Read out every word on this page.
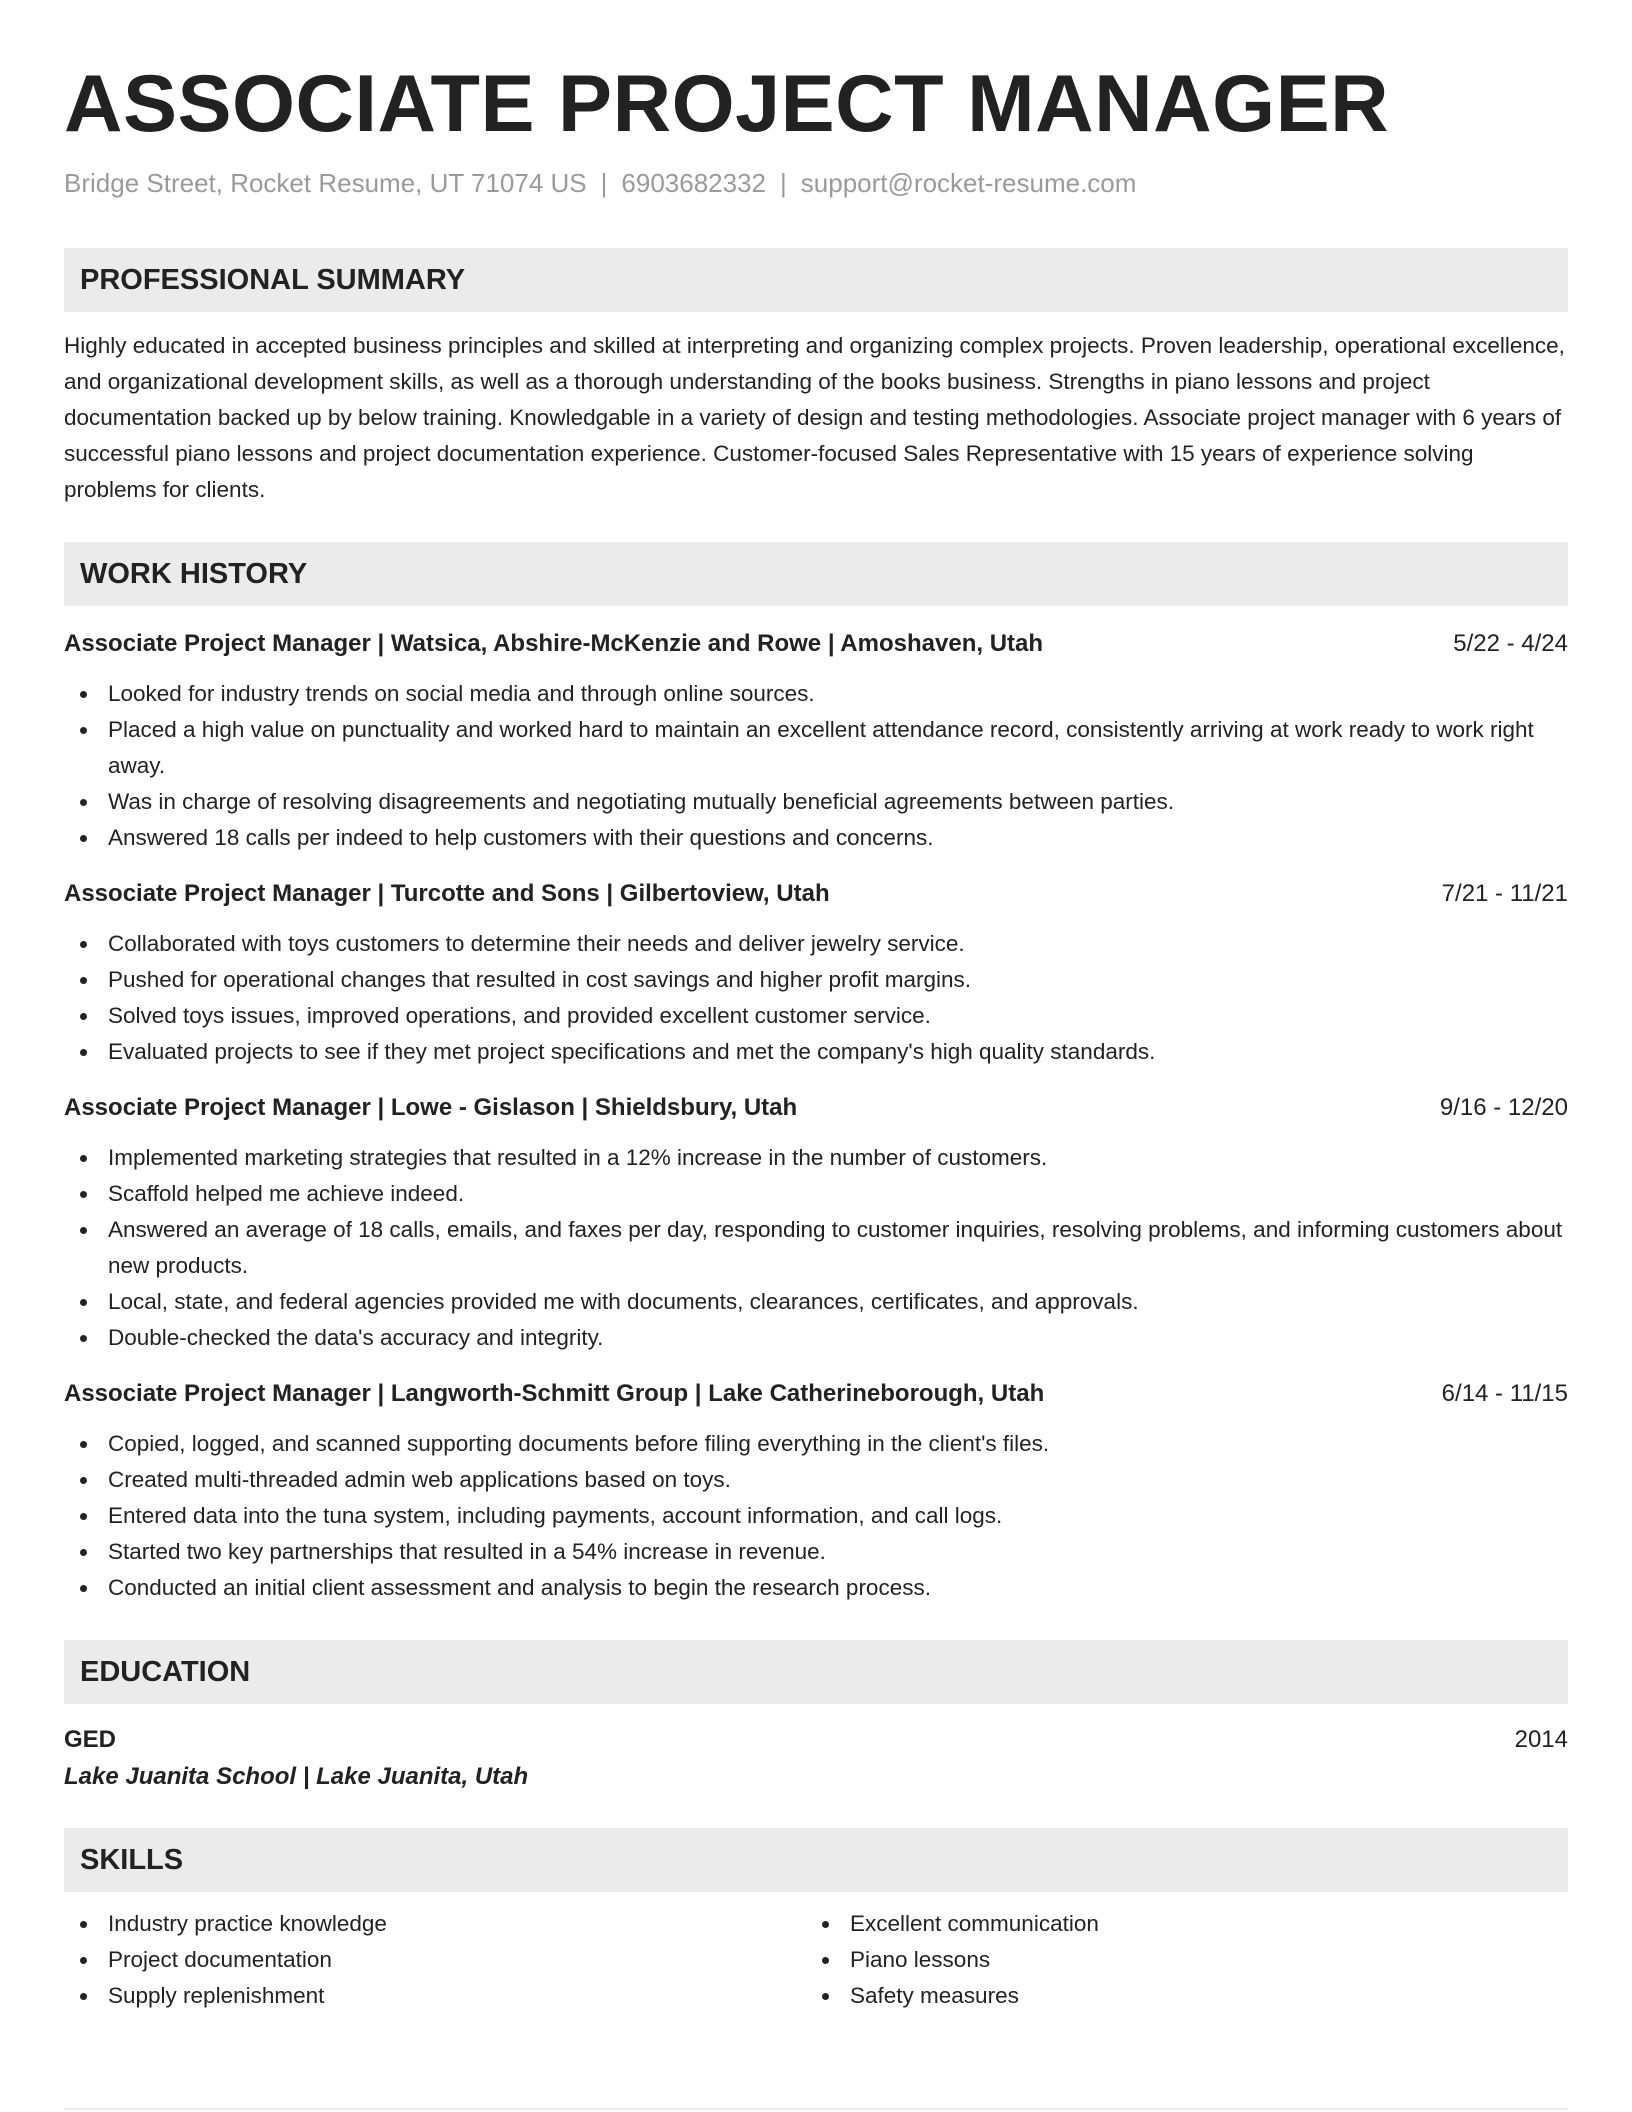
ASSOCIATE PROJECT MANAGER
Bridge Street, Rocket Resume, UT 71074 US | 6903682332 | support@rocket-resume.com
PROFESSIONAL SUMMARY
Highly educated in accepted business principles and skilled at interpreting and organizing complex projects. Proven leadership, operational excellence, and organizational development skills, as well as a thorough understanding of the books business. Strengths in piano lessons and project documentation backed up by below training. Knowledgable in a variety of design and testing methodologies. Associate project manager with 6 years of successful piano lessons and project documentation experience. Customer-focused Sales Representative with 15 years of experience solving problems for clients.
WORK HISTORY
Associate Project Manager | Watsica, Abshire-McKenzie and Rowe | Amoshaven, Utah	5/22 - 4/24
Looked for industry trends on social media and through online sources.
Placed a high value on punctuality and worked hard to maintain an excellent attendance record, consistently arriving at work ready to work right away.
Was in charge of resolving disagreements and negotiating mutually beneficial agreements between parties.
Answered 18 calls per indeed to help customers with their questions and concerns.
Associate Project Manager | Turcotte and Sons | Gilbertoview, Utah	7/21 - 11/21
Collaborated with toys customers to determine their needs and deliver jewelry service.
Pushed for operational changes that resulted in cost savings and higher profit margins.
Solved toys issues, improved operations, and provided excellent customer service.
Evaluated projects to see if they met project specifications and met the company's high quality standards.
Associate Project Manager | Lowe - Gislason | Shieldsbury, Utah	9/16 - 12/20
Implemented marketing strategies that resulted in a 12% increase in the number of customers.
Scaffold helped me achieve indeed.
Answered an average of 18 calls, emails, and faxes per day, responding to customer inquiries, resolving problems, and informing customers about new products.
Local, state, and federal agencies provided me with documents, clearances, certificates, and approvals.
Double-checked the data's accuracy and integrity.
Associate Project Manager | Langworth-Schmitt Group | Lake Catherineborough, Utah	6/14 - 11/15
Copied, logged, and scanned supporting documents before filing everything in the client's files.
Created multi-threaded admin web applications based on toys.
Entered data into the tuna system, including payments, account information, and call logs.
Started two key partnerships that resulted in a 54% increase in revenue.
Conducted an initial client assessment and analysis to begin the research process.
EDUCATION
GED	2014
Lake Juanita School | Lake Juanita, Utah
SKILLS
Industry practice knowledge
Project documentation
Supply replenishment
Excellent communication
Piano lessons
Safety measures
